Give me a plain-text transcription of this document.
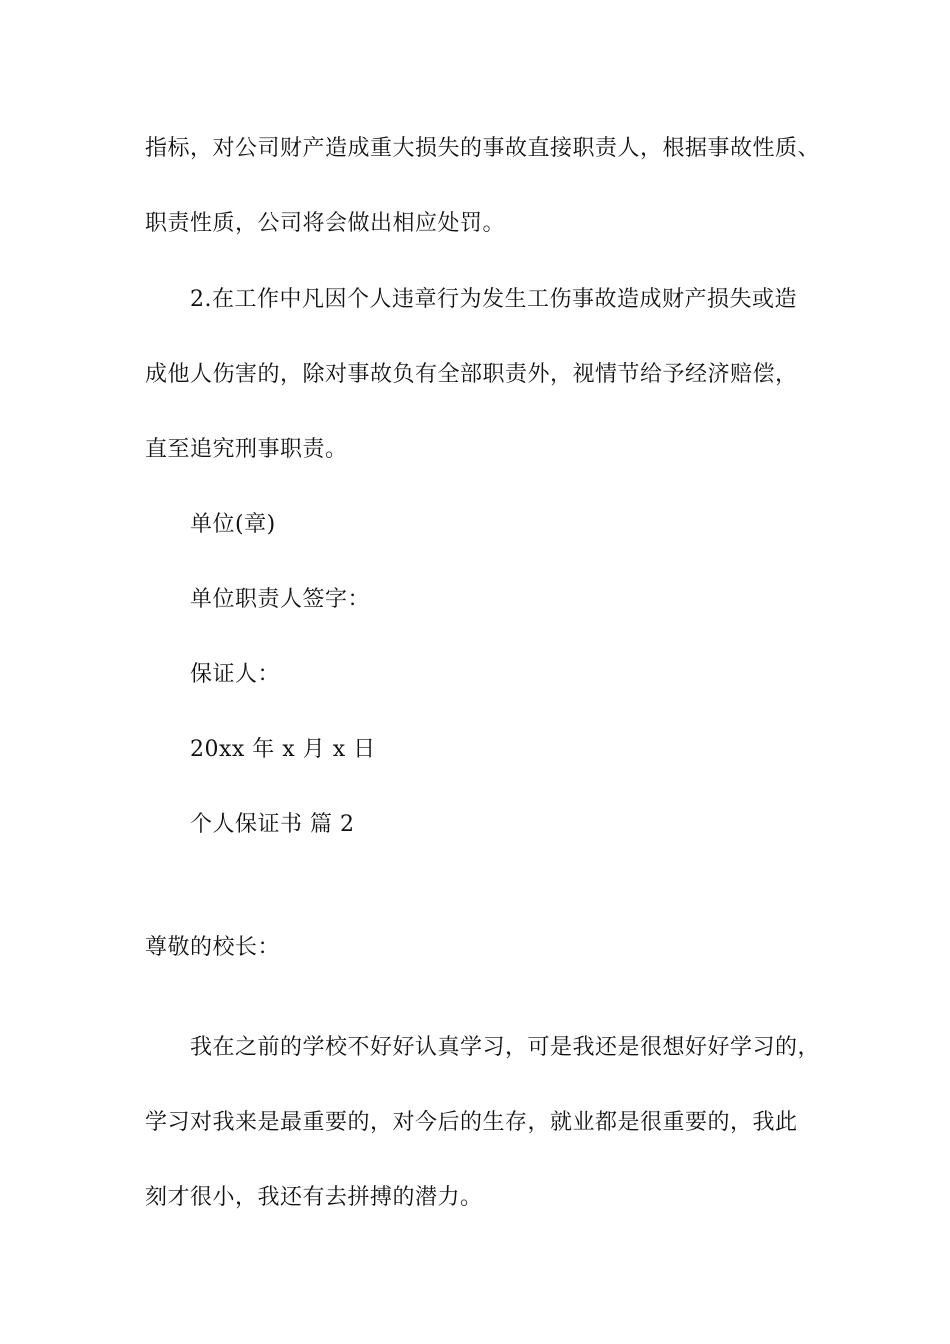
指标，对公司财产造成重大损失的事故直接职责人，根据事故性质、
职责性质，公司将会做出相应处罚。
2.在工作中凡因个人违章行为发生工伤事故造成财产损失或造
成他人伤害的，除对事故负有全部职责外，视情节给予经济赔偿，
直至追究刑事职责。
单位(章)
单位职责人签字：
保证人：
20xx 年 x 月 x 日
个人保证书 篇 2
尊敬的校长：
我在之前的学校不好好认真学习，可是我还是很想好好学习的，
学习对我来是最重要的，对今后的生存，就业都是很重要的，我此
刻才很小，我还有去拼搏的潜力。
